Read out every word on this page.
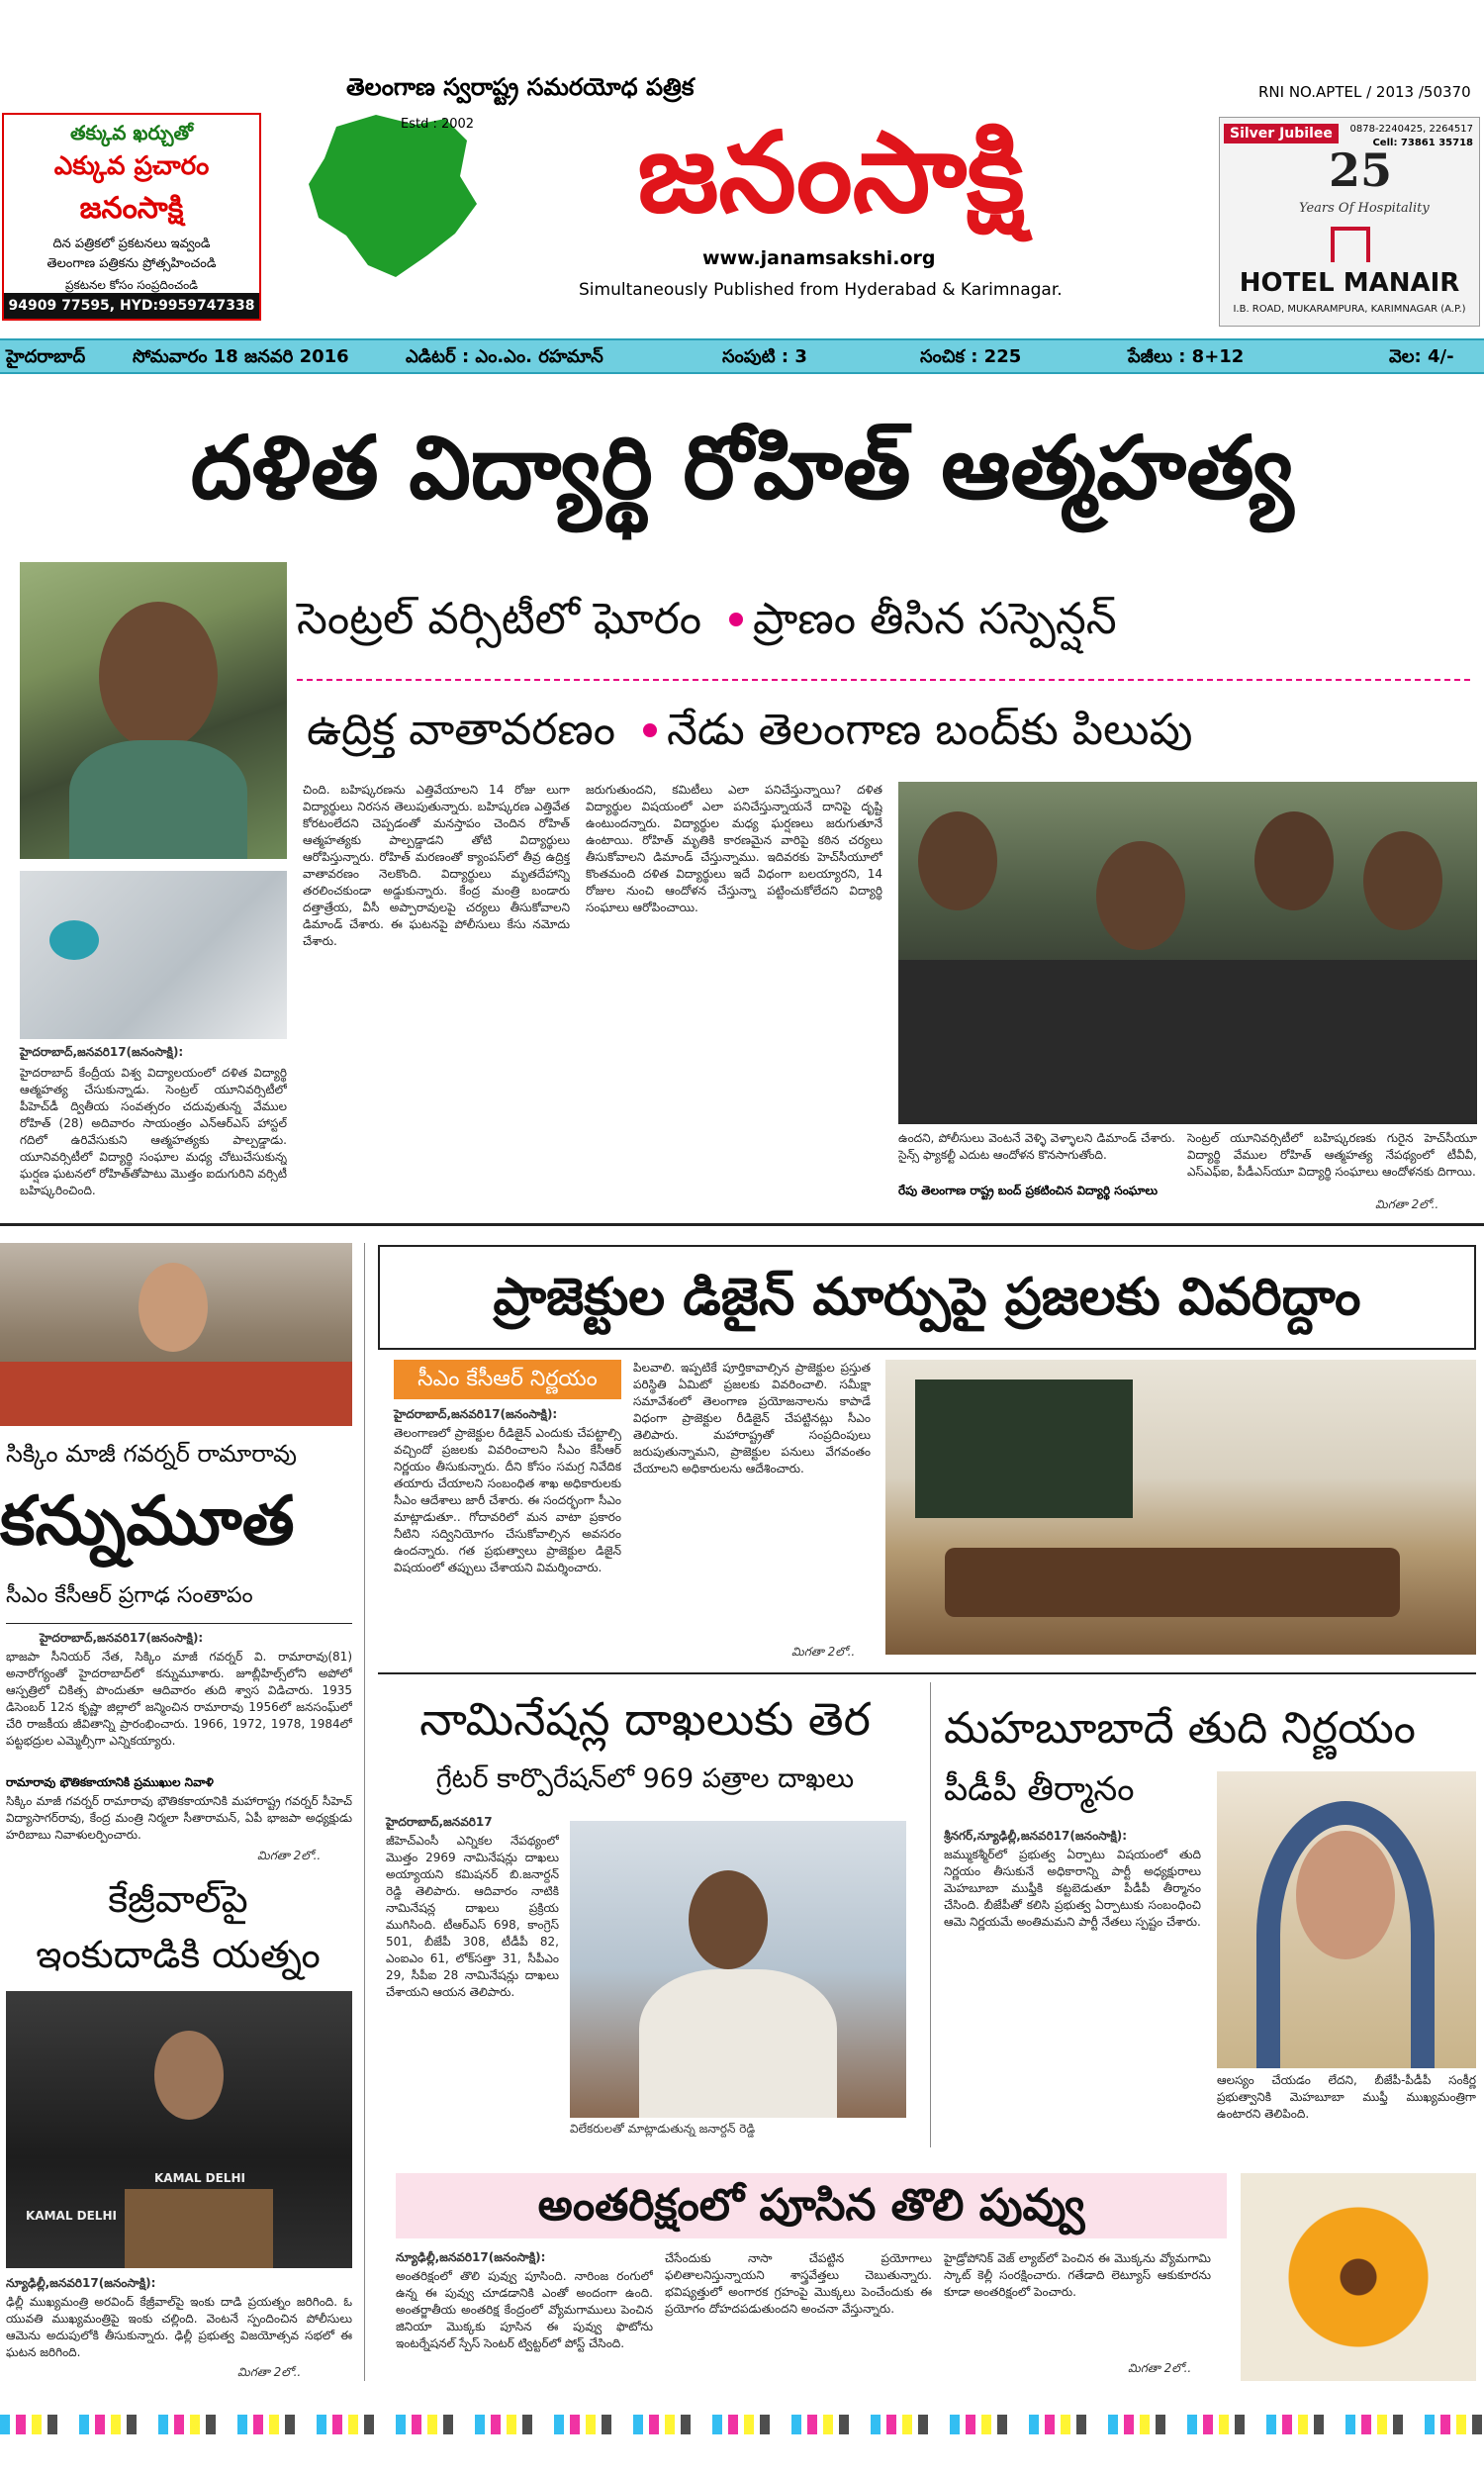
తక్కువ ఖర్చుతో
ఎక్కువ ప్రచారం
జనంసాక్షి
దిన పత్రికలో ప్రకటనలు ఇవ్వండి
తెలంగాణ పత్రికను ప్రోత్సహించండి
ప్రకటనల కోసం సంప్రదించండి
94909 77595, HYD:9959747338
తెలంగాణ స్వరాష్ట్ర సమరయోధ పత్రిక
Estd : 2002	జనంసాక్షి
www.janamsakshi.org
Simultaneously Published from Hyderabad & Karimnagar.
RNI NO.APTEL / 2013 /50370
Silver Jubilee	0878-2240425, 2264517
Cell: 73861 35718
25
Years Of Hospitality
HOTEL MANAIR
I.B. ROAD, MUKARAMPURA, KARIMNAGAR (A.P.)
హైదరాబాద్	సోమవారం 18 జనవరి 2016	ఎడిటర్ : ఎం.ఎం. రహమాన్	సంపుటి : 3	సంచిక : 225	పేజీలు : 8+12	వెల: 4/-
దళిత విద్యార్థి రోహిత్ ఆత్మహత్య
సెంట్రల్ వర్సిటీలో ఘోరం ప్రాణం తీసిన సస్పెన్షన్
ఉద్రిక్త వాతావరణం నేడు తెలంగాణ బంద్‌కు పిలుపు
హైదరాబాద్,జనవరి17(జనంసాక్షి):
హైదరాబాద్ కేంద్రీయ విశ్వ విద్యాలయంలో దళిత విద్యార్థి ఆత్మహత్య చేసుకున్నాడు. సెంట్రల్ యూనివర్సిటీలో పీహెచ్‌డీ ద్వితీయ సంవత్సరం చదువుతున్న వేముల రోహిత్ (28) అదివారం సాయంత్రం ఎన్‌ఆర్‌ఎస్ హాస్టల్ గదిలో ఉరివేసుకుని ఆత్మహత్యకు పాల్పడ్డాడు. యూనివర్సిటీలో విద్యార్థి సంఘాల మధ్య చోటుచేసుకున్న ఘర్షణ ఘటనలో రోహిత్‌తోపాటు మొత్తం ఐదుగురిని వర్సిటీ బహిష్కరించింది.
చింది. బహిష్కరణను ఎత్తివేయాలని 14 రోజు లుగా విద్యార్థులు నిరసన తెలుపుతున్నారు. బహిష్కరణ ఎత్తివేత కోరటంలేదని చెప్పడంతో మనస్తాపం చెందిన రోహిత్ ఆత్మహత్యకు పాల్పడ్డాడని తోటి విద్యార్థులు ఆరోపిస్తున్నారు. రోహిత్ మరణంతో క్యాంపస్‌లో తీవ్ర ఉద్రిక్త వాతావరణం నెలకొంది. విద్యార్థులు మృతదేహాన్ని తరలించకుండా అడ్డుకున్నారు. కేంద్ర మంత్రి బండారు దత్తాత్రేయ, వీసీ అప్పారావులపై చర్యలు తీసుకోవాలని డిమాండ్ చేశారు. ఈ ఘటనపై పోలీసులు కేసు నమోదు చేశారు.
జరుగుతుందని, కమిటీలు ఎలా పనిచేస్తున్నాయి? దళిత విద్యార్థుల విషయంలో ఎలా పనిచేస్తున్నాయనే దానిపై దృష్టి ఉంటుందన్నారు. విద్యార్థుల మధ్య ఘర్షణలు జరుగుతూనే ఉంటాయి. రోహిత్ మృతికి కారణమైన వారిపై కఠిన చర్యలు తీసుకోవాలని డిమాండ్ చేస్తున్నాము. ఇదివరకు హెచ్‌సీయూలో కొంతమంది దళిత విద్యార్థులు ఇదే విధంగా బలయ్యారని, 14 రోజుల నుంచి ఆందోళన చేస్తున్నా పట్టించుకోలేదని విద్యార్థి సంఘాలు ఆరోపించాయి.
ఉందని, పోలీసులు వెంటనే వెళ్ళి వెళ్ళాలని డిమాండ్ చేశారు. సైన్స్ ఫ్యాకల్టీ ఎదుట ఆందోళన కొనసాగుతోంది.
సెంట్రల్ యూనివర్సిటీలో బహిష్కరణకు గురైన హెచ్‌సీయూ విద్యార్థి వేముల రోహిత్ ఆత్మహత్య నేపథ్యంలో టీవీవీ, ఎస్ఎఫ్ఐ, పీడీఎస్‌యూ విద్యార్థి సంఘాలు ఆందోళనకు దిగాయి.
రేపు తెలంగాణ రాష్ట్ర బంద్ ప్రకటించిన విద్యార్థి సంఘాలు
మిగతా 2లో..
సిక్కిం మాజీ గవర్నర్ రామారావు
కన్నుమూత
సీఎం కేసీఆర్ ప్రగాఢ సంతాపం
హైదరాబాద్,జనవరి17(జనంసాక్షి):
భాజపా సీనియర్ నేత, సిక్కిం మాజీ గవర్నర్ వి. రామారావు(81) అనారోగ్యంతో హైదరాబాద్‌లో కన్నుమూశారు. జూబ్లీహిల్స్‌లోని అపోలో ఆస్పత్రిలో చికిత్స పొందుతూ ఆదివారం తుది శ్వాస విడిచారు. 1935 డిసెంబర్ 12న కృష్ణా జిల్లాలో జన్మించిన రామారావు 1956లో జనసంఘ్‌లో చేరి రాజకీయ జీవితాన్ని ప్రారంభించారు. 1966, 1972, 1978, 1984లో పట్టభద్రుల ఎమ్మెల్సీగా ఎన్నికయ్యారు.
రామారావు భౌతికకాయానికి ప్రముఖుల నివాళి
సిక్కిం మాజీ గవర్నర్ రామారావు భౌతికకాయానికి మహారాష్ట్ర గవర్నర్ సీహెచ్ విద్యాసాగర్‌రావు, కేంద్ర మంత్రి నిర్మలా సీతారామన్, ఏపీ భాజపా అధ్యక్షుడు హరిబాబు నివాళులర్పించారు.
మిగతా 2లో..
కేజ్రీవాల్‌పై
ఇంకుదాడికి యత్నం
KAMAL DELHI
KAMAL DELHI
న్యూఢిల్లీ,జనవరి17(జనంసాక్షి):
ఢిల్లీ ముఖ్యమంత్రి అరవింద్ కేజ్రీవాల్‌పై ఇంకు దాడి ప్రయత్నం జరిగింది. ఓ యువతి ముఖ్యమంత్రిపై ఇంకు చల్లింది. వెంటనే స్పందించిన పోలీసులు ఆమెను అదుపులోకి తీసుకున్నారు. ఢిల్లీ ప్రభుత్వ విజయోత్సవ సభలో ఈ ఘటన జరిగింది.
మిగతా 2లో..
ప్రాజెక్టుల డిజైన్ మార్పుపై ప్రజలకు వివరిద్దాం
సీఎం కేసీఆర్ నిర్ణయం
హైదరాబాద్,జనవరి17(జనంసాక్షి):
తెలంగాణలో ప్రాజెక్టుల రీడిజైన్ ఎందుకు చేపట్టాల్సి వచ్చిందో ప్రజలకు వివరించాలని సీఎం కేసీఆర్ నిర్ణయం తీసుకున్నారు. దీని కోసం సమగ్ర నివేదిక తయారు చేయాలని సంబంధిత శాఖ అధికారులకు సీఎం ఆదేశాలు జారీ చేశారు. ఈ సందర్భంగా సీఎం మాట్లాడుతూ.. గోదావరిలో మన వాటా ప్రకారం నీటిని సద్వినియోగం చేసుకోవాల్సిన అవసరం ఉందన్నారు. గత ప్రభుత్వాలు ప్రాజెక్టుల డిజైన్ విషయంలో తప్పులు చేశాయని విమర్శించారు.
పిలవాలి. ఇప్పటికే పూర్తికావాల్సిన ప్రాజెక్టుల ప్రస్తుత పరిస్థితి ఏమిటో ప్రజలకు వివరించాలి. సమీక్షా సమావేశంలో తెలంగాణ ప్రయోజనాలను కాపాడే విధంగా ప్రాజెక్టుల రీడిజైన్ చేపట్టినట్లు సీఎం తెలిపారు. మహారాష్ట్రతో సంప్రదింపులు జరుపుతున్నామని, ప్రాజెక్టుల పనులు వేగవంతం చేయాలని అధికారులను ఆదేశించారు.
మిగతా 2లో..
నామినేషన్ల దాఖలుకు తెర
గ్రేటర్ కార్పొరేషన్‌లో 969 పత్రాల దాఖలు
హైదరాబాద్,జనవరి17
జీహెచ్‌ఎంసీ ఎన్నికల నేపథ్యంలో మొత్తం 2969 నామినేషన్లు దాఖలు అయ్యాయని కమిషనర్ బి.జనార్దన్ రెడ్డి తెలిపారు. ఆదివారం నాటికి నామినేషన్ల దాఖలు ప్రక్రియ ముగిసింది. టీఆర్ఎస్ 698, కాంగ్రెస్ 501, బీజేపీ 308, టీడీపీ 82, ఎంఐఎం 61, లోక్‌సత్తా 31, సీపీఎం 29, సీపీఐ 28 నామినేషన్లు దాఖలు చేశాయని ఆయన తెలిపారు.
విలేకరులతో మాట్లాడుతున్న జనార్దన్ రెడ్డి
మహబూబాదే తుది నిర్ణయం
పీడీపీ తీర్మానం
శ్రీనగర్,న్యూఢిల్లీ,జనవరి17(జనంసాక్షి):
జమ్ముకశ్మీర్‌లో ప్రభుత్వ ఏర్పాటు విషయంలో తుది నిర్ణయం తీసుకునే అధికారాన్ని పార్టీ అధ్యక్షురాలు మెహబూబా ముఫ్తీకి కట్టబెడుతూ పీడీపీ తీర్మానం చేసింది. బీజేపీతో కలిసి ప్రభుత్వ ఏర్పాటుకు సంబంధించి ఆమె నిర్ణయమే అంతిమమని పార్టీ నేతలు స్పష్టం చేశారు.
ఆలస్యం చేయడం లేదని, బీజేపీ-పీడీపీ సంకీర్ణ ప్రభుత్వానికి మెహబూబా ముఫ్తీ ముఖ్యమంత్రిగా ఉంటారని తెలిపింది.
అంతరిక్షంలో పూసిన తొలి పువ్వు
న్యూఢిల్లీ,జనవరి17(జనంసాక్షి):
అంతరిక్షంలో తొలి పువ్వు పూసింది. నారింజ రంగులో ఉన్న ఈ పువ్వు చూడడానికి ఎంతో అందంగా ఉంది. అంతర్జాతీయ అంతరిక్ష కేంద్రంలో వ్యోమగాములు పెంచిన జినియా మొక్కకు పూసిన ఈ పువ్వు ఫొటోను ఇంటర్నేషనల్ స్పేస్ సెంటర్ ట్విట్టర్‌లో పోస్ట్ చేసింది.
చేసేందుకు నాసా చేపట్టిన ప్రయోగాలు ఫలితాలనిస్తున్నాయని శాస్త్రవేత్తలు చెబుతున్నారు. భవిష్యత్తులో అంగారక గ్రహంపై మొక్కలు పెంచేందుకు ఈ ప్రయోగం దోహదపడుతుందని అంచనా వేస్తున్నారు.
హైడ్రోపోనిక్ వెజ్ ల్యాబ్‌లో పెంచిన ఈ మొక్కను వ్యోమగామి స్కాట్ కెల్లీ సంరక్షించారు. గతేడాది లెట్యూస్ ఆకుకూరను కూడా అంతరిక్షంలో పెంచారు.
మిగతా 2లో..
